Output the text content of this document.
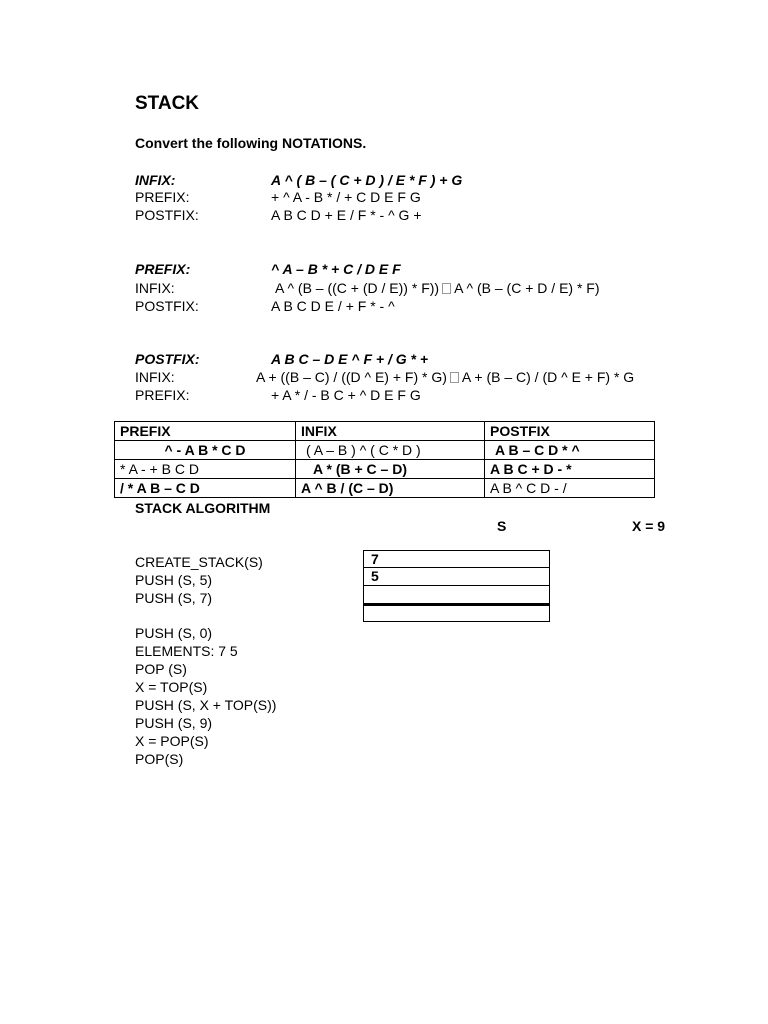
STACK
Convert the following NOTATIONS.
INFIX:	A ^ ( B – ( C + D ) / E * F ) + G
PREFIX:	+ ^ A - B * / + C D E F G
POSTFIX:	A B C D + E / F * - ^ G +
PREFIX:	^ A – B * + C / D E F
INFIX:	A ^ (B – ((C + (D / E)) * F)) A ^ (B – (C + D / E) * F)
POSTFIX:	A B C D E / + F * - ^
POSTFIX:	A B C – D E ^ F + / G * +
INFIX:	A + ((B – C) / ((D ^ E) + F) * G) A + (B – C) / (D ^ E + F) * G
PREFIX:	+ A * / - B C + ^ D E F G
PREFIX	INFIX	POSTFIX
^ - A B * C D	( A – B ) ^ ( C * D )	A B – C D * ^
* A - + B C D	A * (B + C – D)	A B C + D - *
/ * A B – C D	A ^ B / (C – D)	A B ^ C D - /
STACK ALGORITHM
S	X = 9
CREATE_STACK(S)
PUSH (S, 5)
PUSH (S, 7)
PUSH (S, 0)
ELEMENTS: 7 5
POP (S)
X = TOP(S)
PUSH (S, X + TOP(S))
PUSH (S, 9)
X = POP(S)
POP(S)
7
5
